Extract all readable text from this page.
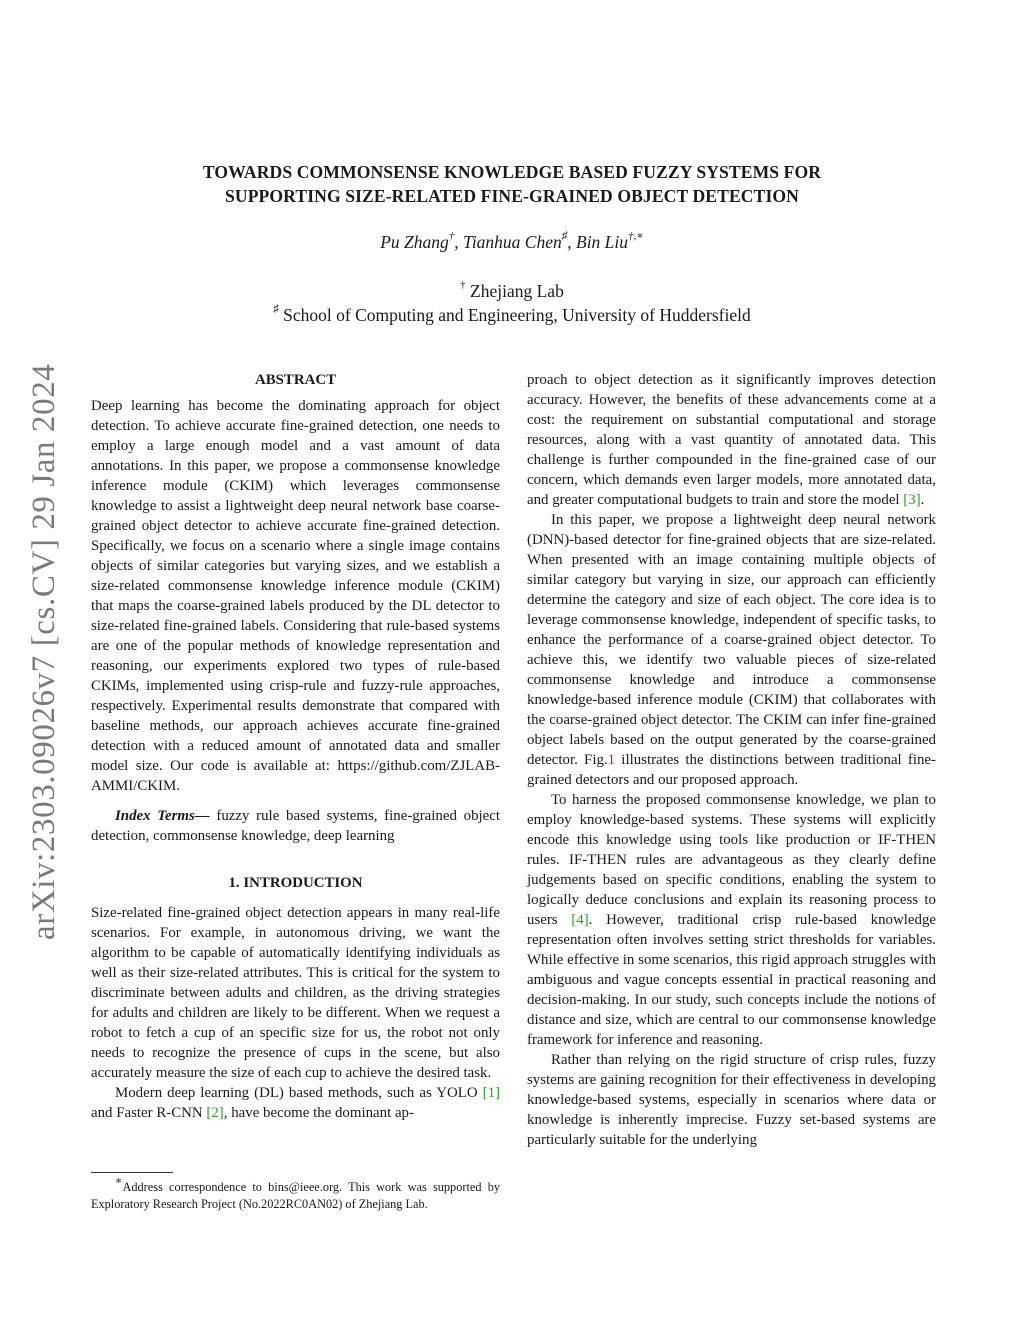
TOWARDS COMMONSENSE KNOWLEDGE BASED FUZZY SYSTEMS FOR
SUPPORTING SIZE-RELATED FINE-GRAINED OBJECT DETECTION
Pu Zhang†, Tianhua Chen♯, Bin Liu†,∗
† Zhejiang Lab
♯ School of Computing and Engineering, University of Huddersfield
arXiv:2303.09026v7 [cs.CV] 29 Jan 2024	ABSTRACT

Deep learning has become the dominating approach for object detection. To achieve accurate fine-grained detection, one needs to employ a large enough model and a vast amount of data annotations. In this paper, we propose a commonsense knowledge inference module (CKIM) which leverages commonsense knowledge to assist a lightweight deep neural network base coarse-grained object detector to achieve accurate fine-grained detection. Specifically, we focus on a scenario where a single image contains objects of similar categories but varying sizes, and we establish a size-related commonsense knowledge inference module (CKIM) that maps the coarse-grained labels produced by the DL detector to size-related fine-grained labels. Considering that rule-based systems are one of the popular methods of knowledge representation and reasoning, our experiments explored two types of rule-based CKIMs, implemented using crisp-rule and fuzzy-rule approaches, respectively. Experimental results demonstrate that compared with baseline methods, our approach achieves accurate fine-grained detection with a reduced amount of annotated data and smaller model size. Our code is available at: https://github.com/ZJLAB-AMMI/CKIM.

Index Terms— fuzzy rule based systems, fine-grained object detection, commonsense knowledge, deep learning

1. INTRODUCTION

Size-related fine-grained object detection appears in many real-life scenarios. For example, in autonomous driving, we want the algorithm to be capable of automatically identifying individuals as well as their size-related attributes. This is critical for the system to discriminate between adults and children, as the driving strategies for adults and children are likely to be different. When we request a robot to fetch a cup of an specific size for us, the robot not only needs to recognize the presence of cups in the scene, but also accurately measure the size of each cup to achieve the desired task.

Modern deep learning (DL) based methods, such as YOLO [1] and Faster R-CNN [2], have become the dominant ap-

∗Address correspondence to bins@ieee.org. This work was supported by Exploratory Research Project (No.2022RC0AN02) of Zhejiang Lab.

proach to object detection as it significantly improves detection accuracy. However, the benefits of these advancements come at a cost: the requirement on substantial computational and storage resources, along with a vast quantity of annotated data. This challenge is further compounded in the fine-grained case of our concern, which demands even larger models, more annotated data, and greater computational budgets to train and store the model [3].

In this paper, we propose a lightweight deep neural network (DNN)-based detector for fine-grained objects that are size-related. When presented with an image containing multiple objects of similar category but varying in size, our approach can efficiently determine the category and size of each object. The core idea is to leverage commonsense knowledge, independent of specific tasks, to enhance the performance of a coarse-grained object detector. To achieve this, we identify two valuable pieces of size-related commonsense knowledge and introduce a commonsense knowledge-based inference module (CKIM) that collaborates with the coarse-grained object detector. The CKIM can infer fine-grained object labels based on the output generated by the coarse-grained detector. Fig.1 illustrates the distinctions between traditional fine-grained detectors and our proposed approach.

To harness the proposed commonsense knowledge, we plan to employ knowledge-based systems. These systems will explicitly encode this knowledge using tools like production or IF-THEN rules. IF-THEN rules are advantageous as they clearly define judgements based on specific conditions, enabling the system to logically deduce conclusions and explain its reasoning process to users [4]. However, traditional crisp rule-based knowledge representation often involves setting strict thresholds for variables. While effective in some scenarios, this rigid approach struggles with ambiguous and vague concepts essential in practical reasoning and decision-making. In our study, such concepts include the notions of distance and size, which are central to our commonsense knowledge framework for inference and reasoning.

Rather than relying on the rigid structure of crisp rules, fuzzy systems are gaining recognition for their effectiveness in developing knowledge-based systems, especially in scenarios where data or knowledge is inherently imprecise. Fuzzy set-based systems are particularly suitable for the underlying
